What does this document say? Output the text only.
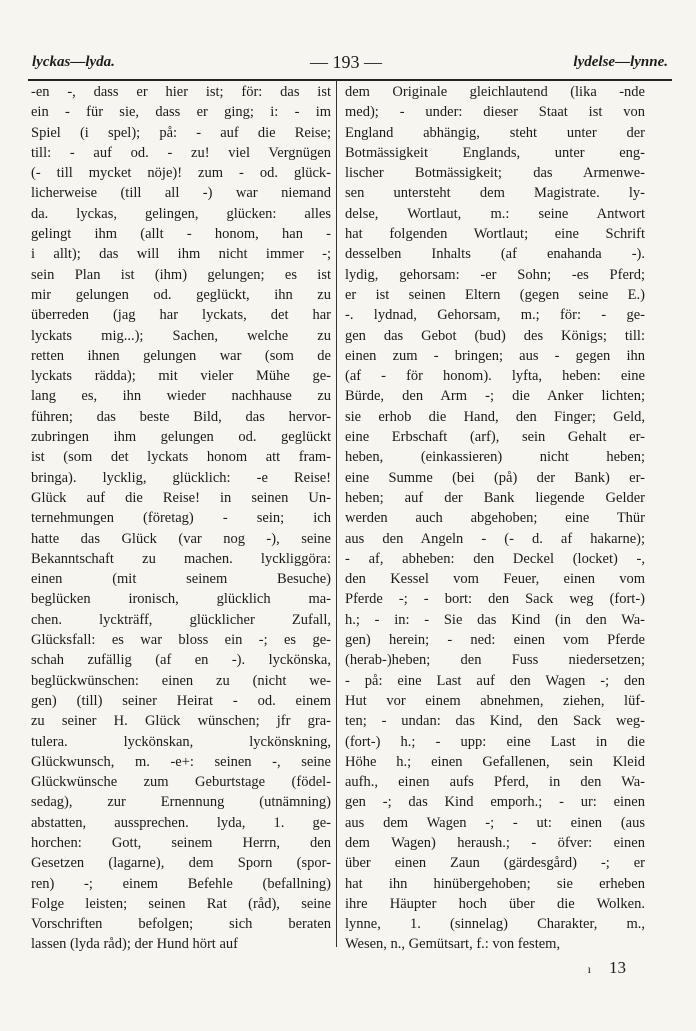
lyckas—lyda.	— 193 —	lydelse—lynne.
-en -, dass er hier ist; för: das ist
ein - für sie, dass er ging; i: - im
Spiel (i spel); på: - auf die Reise;
till: - auf od. - zu! viel Vergnügen
(- till mycket nöje)! zum - od. glück-
licherweise (till all -) war niemand
da. lyckas, gelingen, glücken: alles
gelingt ihm (allt - honom, han -
i allt); das will ihm nicht immer -;
sein Plan ist (ihm) gelungen; es ist
mir gelungen od. geglückt, ihn zu
überreden (jag har lyckats, det har
lyckats mig...); Sachen, welche zu
retten ihnen gelungen war (som de
lyckats rädda); mit vieler Mühe ge-
lang es, ihn wieder nachhause zu
führen; das beste Bild, das hervor-
zubringen ihm gelungen od. geglückt
ist (som det lyckats honom att fram-
bringa). lycklig, glücklich: -e Reise!
Glück auf die Reise! in seinen Un-
ternehmungen (företag) - sein; ich
hatte das Glück (var nog -), seine
Bekanntschaft zu machen. lyckliggöra:
einen (mit seinem Besuche)
beglücken ironisch, glücklich ma-
chen. lyckträff, glücklicher Zufall,
Glücksfall: es war bloss ein -; es ge-
schah zufällig (af en -). lyckönska,
beglückwünschen: einen zu (nicht we-
gen) (till) seiner Heirat - od. einem
zu seiner H. Glück wünschen; jfr gra-
tulera. lyckönskan, lyckönskning,
Glückwunsch, m. -e+: seinen -, seine
Glückwünsche zum Geburtstage (födel-
sedag), zur Ernennung (utnämning)
abstatten, aussprechen. lyda, 1. ge-
horchen: Gott, seinem Herrn, den
Gesetzen (lagarne), dem Sporn (spor-
ren) -; einem Befehle (befallning)
Folge leisten; seinen Rat (råd), seine
Vorschriften befolgen; sich beraten
lassen (lyda råd); der Hund hört auf
dem Originale gleichlautend (lika -nde
med); - under: dieser Staat ist von
England abhängig, steht unter der
Botmässigkeit Englands, unter eng-
lischer Botmässigkeit; das Armenwe-
sen untersteht dem Magistrate. ly-
delse, Wortlaut, m.: seine Antwort
hat folgenden Wortlaut; eine Schrift
desselben Inhalts (af enahanda -).
lydig, gehorsam: -er Sohn; -es Pferd;
er ist seinen Eltern (gegen seine E.)
-. lydnad, Gehorsam, m.; för: - ge-
gen das Gebot (bud) des Königs; till:
einen zum - bringen; aus - gegen ihn
(af - för honom). lyfta, heben: eine
Bürde, den Arm -; die Anker lichten;
sie erhob die Hand, den Finger; Geld,
eine Erbschaft (arf), sein Gehalt er-
heben, (einkassieren) nicht heben;
eine Summe (bei (på) der Bank) er-
heben; auf der Bank liegende Gelder
werden auch abgehoben; eine Thür
aus den Angeln - (- d. af hakarne);
- af, abheben: den Deckel (locket) -,
den Kessel vom Feuer, einen vom
Pferde -; - bort: den Sack weg (fort-)
h.; - in: - Sie das Kind (in den Wa-
gen) herein; - ned: einen vom Pferde
(herab-)heben; den Fuss niedersetzen;
- på: eine Last auf den Wagen -; den
Hut vor einem abnehmen, ziehen, lüf-
ten; - undan: das Kind, den Sack weg-
(fort-) h.; - upp: eine Last in die
Höhe h.; einen Gefallenen, sein Kleid
aufh., einen aufs Pferd, in den Wa-
gen -; das Kind emporh.; - ur: einen
aus dem Wagen -; - ut: einen (aus
dem Wagen) heraush.; - öfver: einen
über einen Zaun (gärdesgård) -; er
hat ihn hinübergehoben; sie erheben
ihre Häupter hoch über die Wolken.
lynne, 1. (sinnelag) Charakter, m.,
Wesen, n., Gemütsart, f.: von festem,
ı 13
